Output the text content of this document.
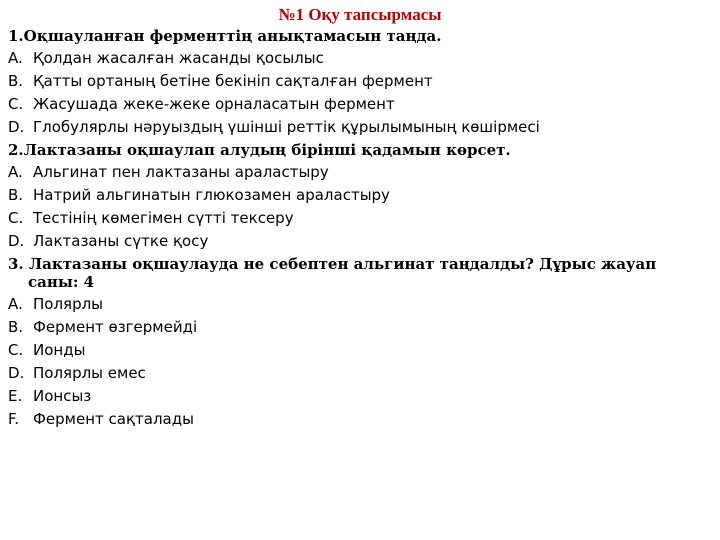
№1 Оқу тапсырмасы
1.Оқшауланған ферменттің анықтамасын таңда.
A. Қолдан жасалған жасанды қосылыс
B. Қатты ортаның бетіне бекініп сақталған фермент
C. Жасушада жеке-жеке орналасатын фермент
D. Глобулярлы нәруыздың үшінші реттік құрылымының көшірмесі
2.Лактазаны оқшаулап алудың бірінші қадамын көрсет.
A. Альгинат пен лактазаны араластыру
B. Натрий альгинатын глюкозамен араластыру
C. Тестінің көмегімен сүтті тексеру
D. Лактазаны сүтке қосу
3. Лактазаны оқшаулауда не себептен альгинат таңдалды? Дұрыс жауап саны: 4
A. Полярлы
B. Фермент өзгермейді
C. Ионды
D. Полярлы емес
E. Ионсыз
F. Фермент сақталады
